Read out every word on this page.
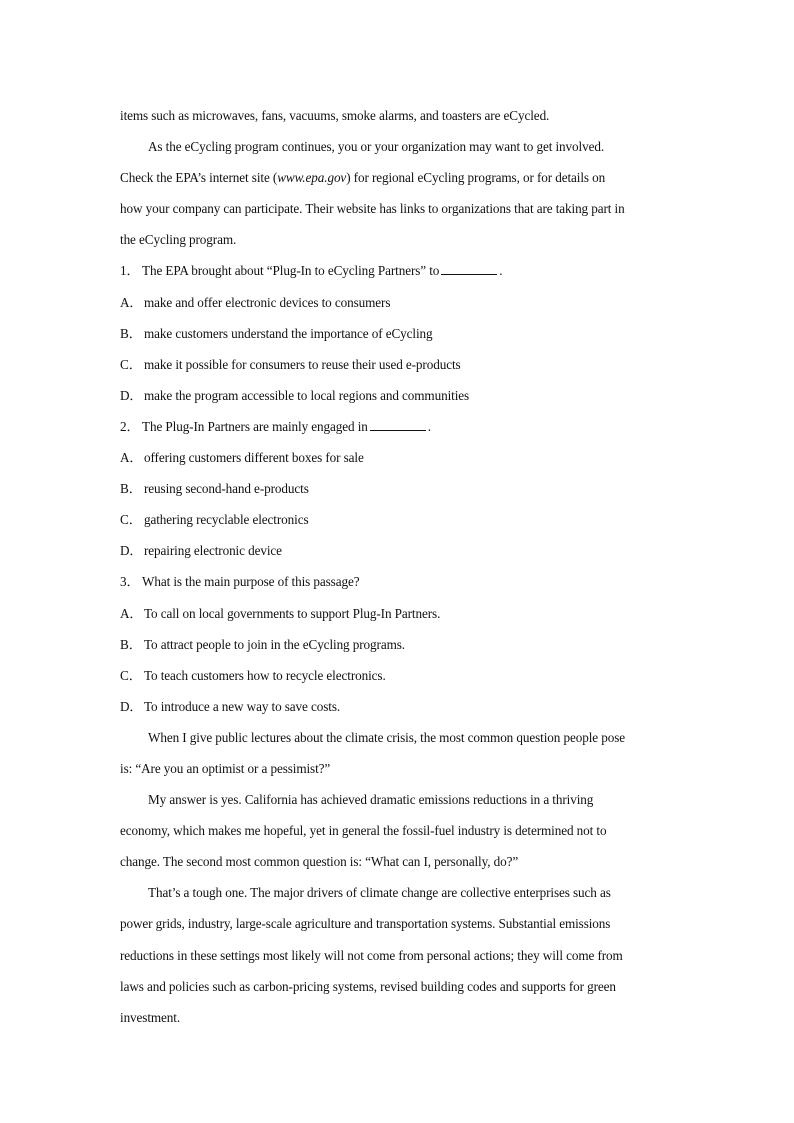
items such as microwaves, fans, vacuums, smoke alarms, and toasters are eCycled.
As the eCycling program continues, you or your organization may want to get involved.
Check the EPA’s internet site (www.epa.gov) for regional eCycling programs, or for details on
how your company can participate. Their website has links to organizations that are taking part in
the eCycling program.
1． The EPA brought about “Plug-In to eCycling Partners” to	.
A．make and offer electronic devices to consumers
B． make customers understand the importance of eCycling
C． make it possible for consumers to reuse their used e-products
D．make the program accessible to local regions and communities
2． The Plug-In Partners are mainly engaged in	.
A．offering customers different boxes for sale
B． reusing second-hand e-products
C． gathering recyclable electronics
D．repairing electronic device
3． What is the main purpose of this passage?
A．To call on local governments to support Plug-In Partners.
B． To attract people to join in the eCycling programs.
C． To teach customers how to recycle electronics.
D．To introduce a new way to save costs.
When I give public lectures about the climate crisis, the most common question people pose
is: “Are you an optimist or a pessimist?”
My answer is yes. California has achieved dramatic emissions reductions in a thriving
economy, which makes me hopeful, yet in general the fossil-fuel industry is determined not to
change. The second most common question is: “What can I, personally, do?”
That’s a tough one. The major drivers of climate change are collective enterprises such as
power grids, industry, large-scale agriculture and transportation systems. Substantial emissions
reductions in these settings most likely will not come from personal actions; they will come from
laws and policies such as carbon-pricing systems, revised building codes and supports for green
investment.
